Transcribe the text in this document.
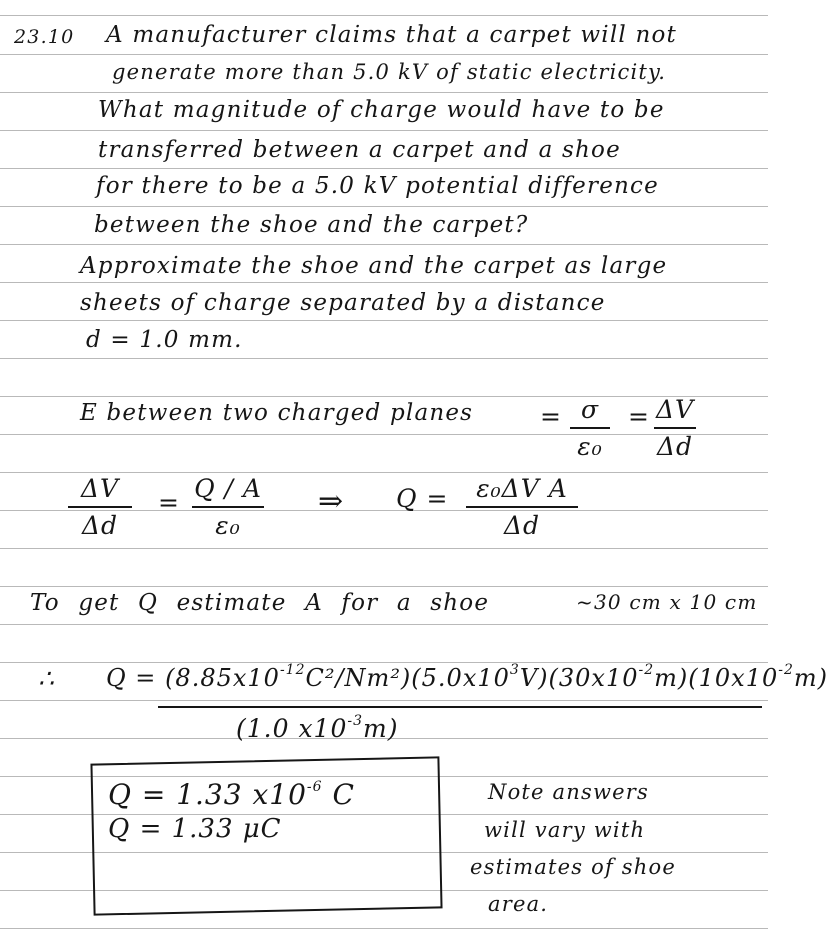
23.10 A manufacturer claims that a carpet will not
generate more than 5.0 kV of static electricity.
What magnitude of charge would have to be
transferred between a carpet and a shoe
for there to be a 5.0 kV potential difference
between the shoe and the carpet?
Approximate the shoe and the carpet as large
sheets of charge separated by a distance
d = 1.0 mm.
E between two charged planes	= σ
ε₀
= ΔV
Δd
ΔV
Δd
= Q / A
ε₀
⇒ Q = ε₀ΔV A
Δd
To get Q estimate A for a shoe	~30 cm x 10 cm
∴ $Q = (8.85x10^{-12}C^2/Nm^2)(5.0x10^3V)(30x10^{-2}m)(10x10^{-2}m)$
(1.0 $x10^{-3}m$)
Q = 1.33 $x10^{-6}$ C
Q = 1.33 μC
Note answers
will vary with
estimates of shoe
area.
